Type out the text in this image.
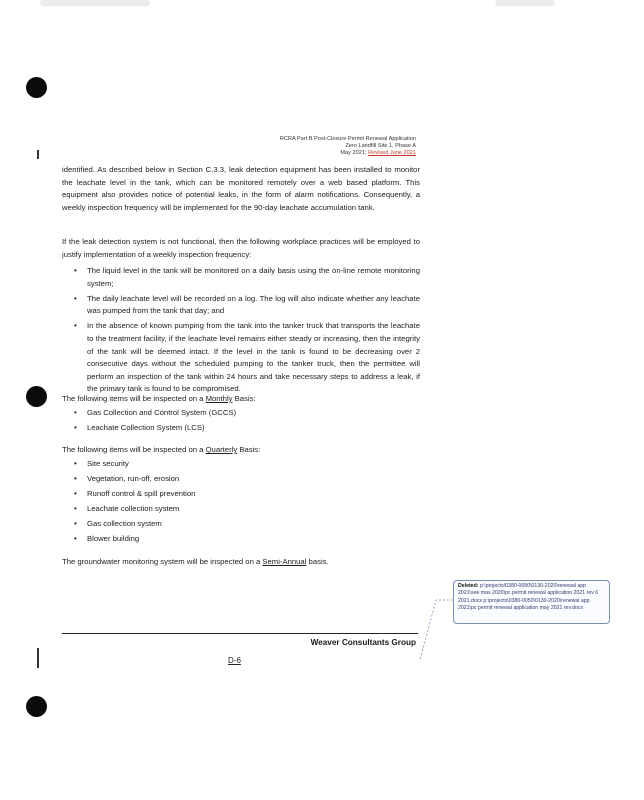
RCRA Part B Post-Closure Permit Renewal Application
Zero Landfill Site 1, Phase A
May 2021; Revised June 2021

identified. As described below in Section C.3.3, leak detection equipment has been installed to monitor the leachate level in the tank, which can be monitored remotely over a web based platform. This equipment also provides notice of potential leaks, in the form of alarm notifications. Consequently, a weekly inspection frequency will be implemented for the 90-day leachate accumulation tank.

If the leak detection system is not functional, then the following workplace practices will be employed to justify implementation of a weekly inspection frequency:

• The liquid level in the tank will be monitored on a daily basis using the on-line remote monitoring system;
• The daily leachate level will be recorded on a log. The log will also indicate whether any leachate was pumped from the tank that day; and
• In the absence of known pumping from the tank into the tanker truck that transports the leachate to the treatment facility, if the leachate level remains either steady or increasing, then the integrity of the tank will be deemed intact. If the level in the tank is found to be decreasing over 2 consecutive days without the scheduled pumping to the tanker truck, then the permittee will perform an inspection of the tank within 24 hours and take necessary steps to address a leak, if the primary tank is found to be compromised.

The following items will be inspected on a Monthly Basis:

• Gas Collection and Control System (GCCS)
• Leachate Collection System (LCS)

The following items will be inspected on a Quarterly Basis:

• Site security
• Vegetation, run-off, erosion
• Runoff control & spill prevention
• Leachate collection system
• Gas collection system
• Blower building

The groundwater monitoring system will be inspected on a Semi-Annual basis.

Deleted: p:\projects\0380-0050\0130-2020\renewal app 2021\see mas 2020\pc permit renewal application 2021 rev 6 2021.docx p:\projects\0380-0050\0130-2020\renewal app 2021\pc permit renewal application may 2021 rev.docx
Weaver Consultants Group
D-6
